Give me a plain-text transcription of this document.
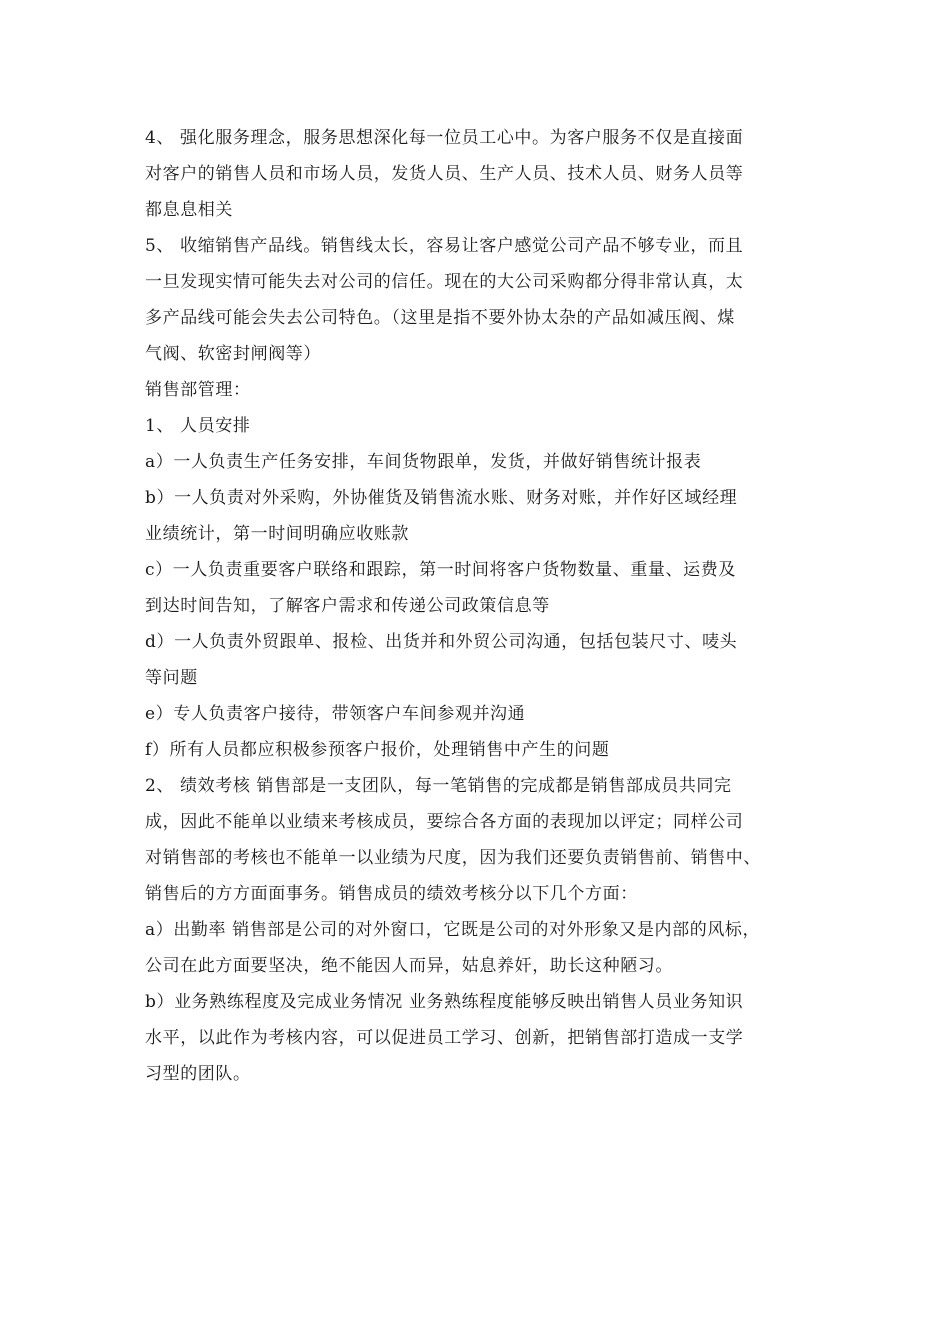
4、 强化服务理念，服务思想深化每一位员工心中。为客户服务不仅是直接面
对客户的销售人员和市场人员，发货人员、生产人员、技术人员、财务人员等
都息息相关
5、 收缩销售产品线。销售线太长，容易让客户感觉公司产品不够专业，而且
一旦发现实情可能失去对公司的信任。现在的大公司采购都分得非常认真，太
多产品线可能会失去公司特色。（这里是指不要外协太杂的产品如减压阀、煤
气阀、软密封闸阀等）
销售部管理：
1、 人员安排
a）一人负责生产任务安排，车间货物跟单，发货，并做好销售统计报表
b）一人负责对外采购，外协催货及销售流水账、财务对账，并作好区域经理
业绩统计，第一时间明确应收账款
c）一人负责重要客户联络和跟踪，第一时间将客户货物数量、重量、运费及
到达时间告知，了解客户需求和传递公司政策信息等
d）一人负责外贸跟单、报检、出货并和外贸公司沟通，包括包装尺寸、唛头
等问题
e）专人负责客户接待，带领客户车间参观并沟通
f）所有人员都应积极参预客户报价，处理销售中产生的问题
2、 绩效考核 销售部是一支团队，每一笔销售的完成都是销售部成员共同完
成，因此不能单以业绩来考核成员，要综合各方面的表现加以评定；同样公司
对销售部的考核也不能单一以业绩为尺度，因为我们还要负责销售前、销售中、
销售后的方方面面事务。销售成员的绩效考核分以下几个方面：
a）出勤率 销售部是公司的对外窗口，它既是公司的对外形象又是内部的风标，
公司在此方面要坚决，绝不能因人而异，姑息养奸，助长这种陋习。
b）业务熟练程度及完成业务情况 业务熟练程度能够反映出销售人员业务知识
水平，以此作为考核内容，可以促进员工学习、创新，把销售部打造成一支学
习型的团队。
